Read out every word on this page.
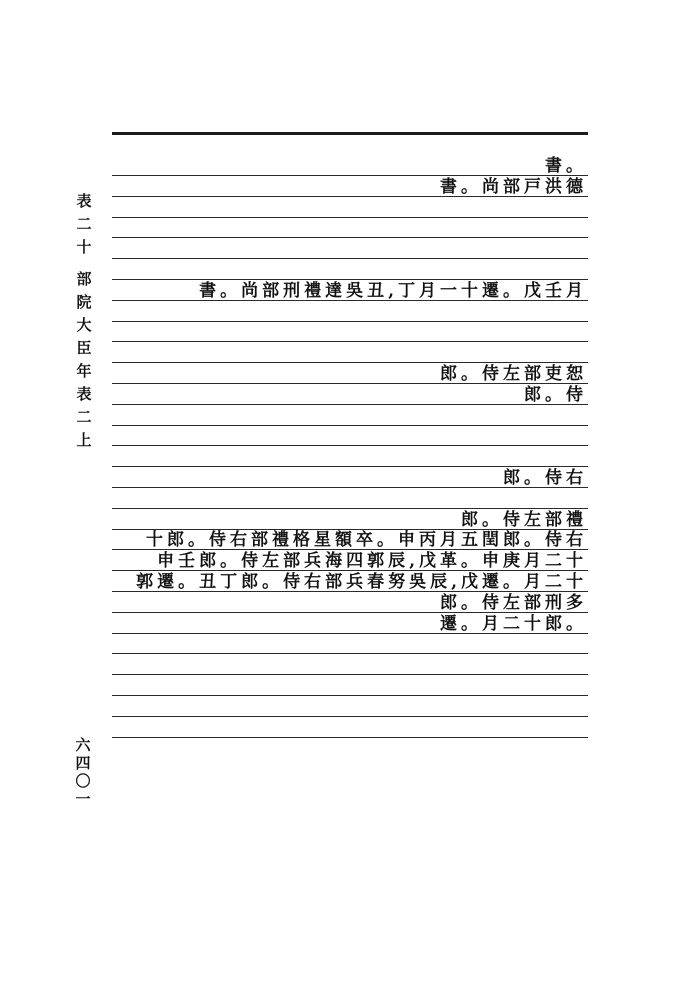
表
二
十
部
院
大
臣
年
表
二
上
六
四
〇
一
書。
書。尚部戸洪德
書。尚部刑禮達吳丑,丁月一十遷。戊壬月
郎。侍左部吏恕
郎。侍
郎。侍右
郎。侍左部禮
十郎。侍右部禮格星額卒。申丙月五閏郎。侍右
申壬郎。侍左部兵海四郭辰,戊革。申庚月二十
郭遷。丑丁郎。侍右部兵春努吳辰,戊遷。月二十
郎。侍左部刑多
遷。月二十郎。
